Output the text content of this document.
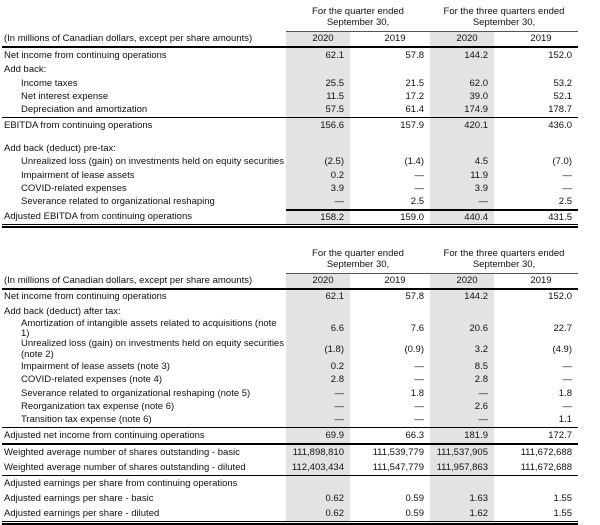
For the quarter ended September 30,
For the three quarters ended September 30,
(In millions of Canadian dollars, except per share amounts)	2020	2019	2020	2019
Net income from continuing operations	62.1	57.8	144.2	152.0
Add back:
Income taxes	25.5	21.5	62.0	53.2
Net interest expense	11.5	17.2	39.0	52.1
Depreciation and amortization	57.5	61.4	174.9	178.7
EBITDA from continuing operations	156.6	157.9	420.1	436.0
Add back (deduct) pre-tax:
Unrealized loss (gain) on investments held on equity securities	(2.5)	(1.4)	4.5	(7.0)
Impairment of lease assets	0.2	—	11.9	—
COVID-related expenses	3.9	—	3.9	—
Severance related to organizational reshaping	—	2.5	—	2.5
Adjusted EBITDA from continuing operations	158.2	159.0	440.4	431.5
For the quarter ended September 30,
For the three quarters ended September 30,
(In millions of Canadian dollars, except per share amounts)	2020	2019	2020	2019
Net income from continuing operations	62.1	57.8	144.2	152.0
Add back (deduct) after tax:
Amortization of intangible assets related to acquisitions (note 1)	6.6	7.6	20.6	22.7
Unrealized loss (gain) on investments held on equity securities (note 2)	(1.8)	(0.9)	3.2	(4.9)
Impairment of lease assets (note 3)	0.2	—	8.5	—
COVID-related expenses (note 4)	2.8	—	2.8	—
Severance related to organizational reshaping (note 5)	—	1.8	—	1.8
Reorganization tax expense (note 6)	—	—	2.6	—
Transition tax expense (note 6)	—	—	—	1.1
Adjusted net income from continuing operations	69.9	66.3	181.9	172.7
Weighted average number of shares outstanding - basic	111,898,810	111,539,779	111,537,905	111,672,688
Weighted average number of shares outstanding - diluted	112,403,434	111,547,779	111,957,863	111,672,688
Adjusted earnings per share from continuing operations
Adjusted earnings per share - basic	0.62	0.59	1.63	1.55
Adjusted earnings per share - diluted	0.62	0.59	1.62	1.55
